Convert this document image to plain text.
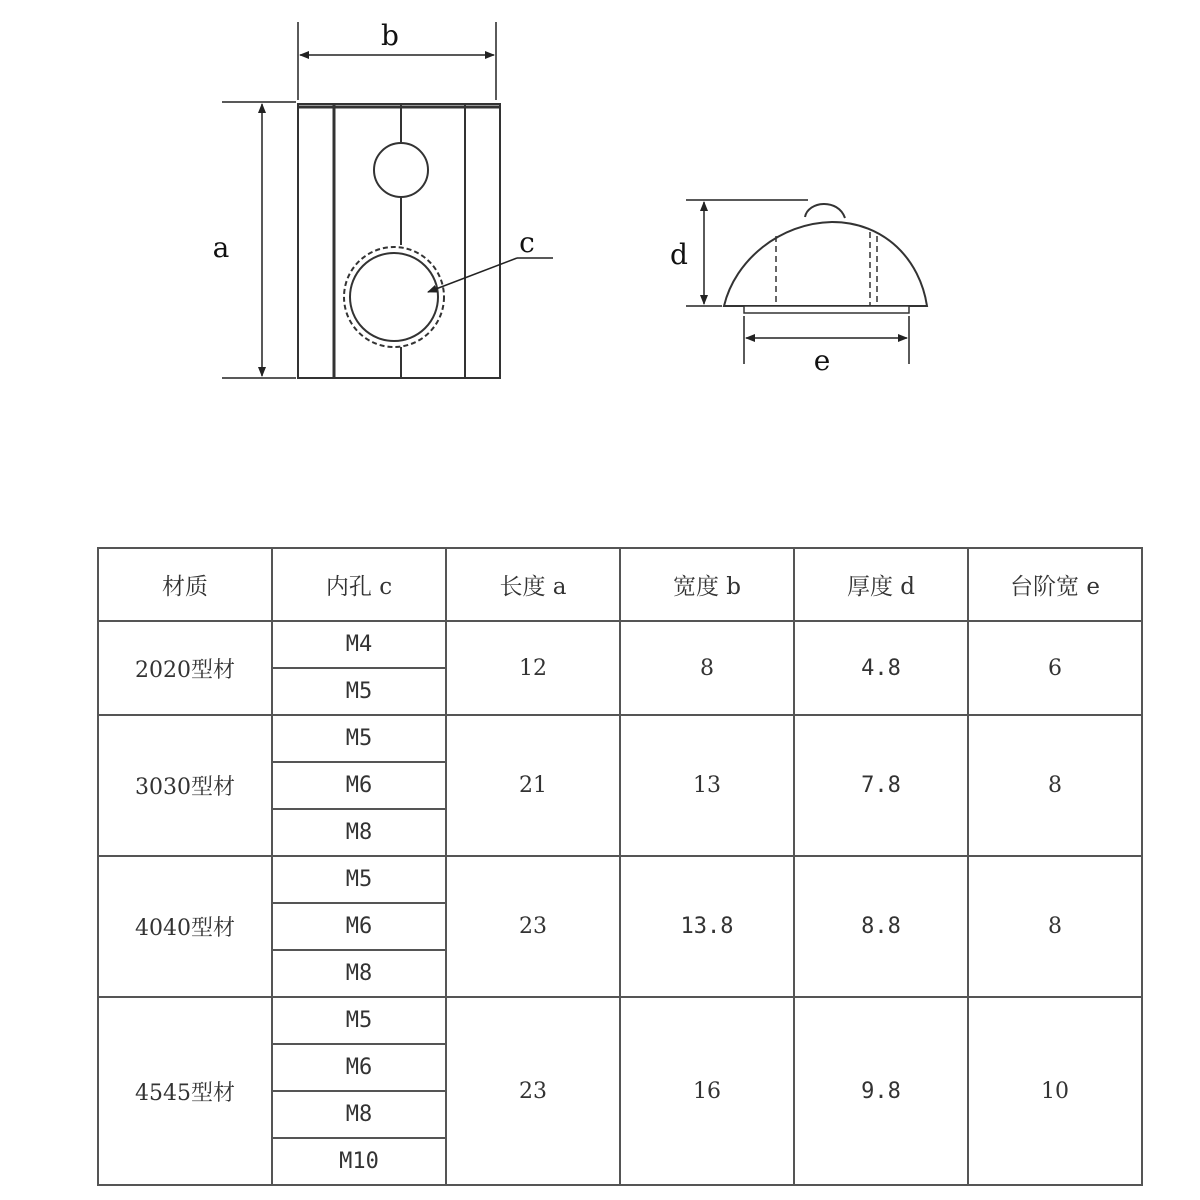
b
a	c	d
e
材质	内孔 c	长度 a	宽度 b	厚度 d	台阶宽 e
2020型材	M4	12	8	4.8	6
	M5				
3030型材	M5	21	13	7.8	8
	M6				
	M8				
4040型材	M5	23	13.8	8.8	8
	M6				
	M8				
4545型材	M5	23	16	9.8	10
	M6				
	M8				
	M10				
